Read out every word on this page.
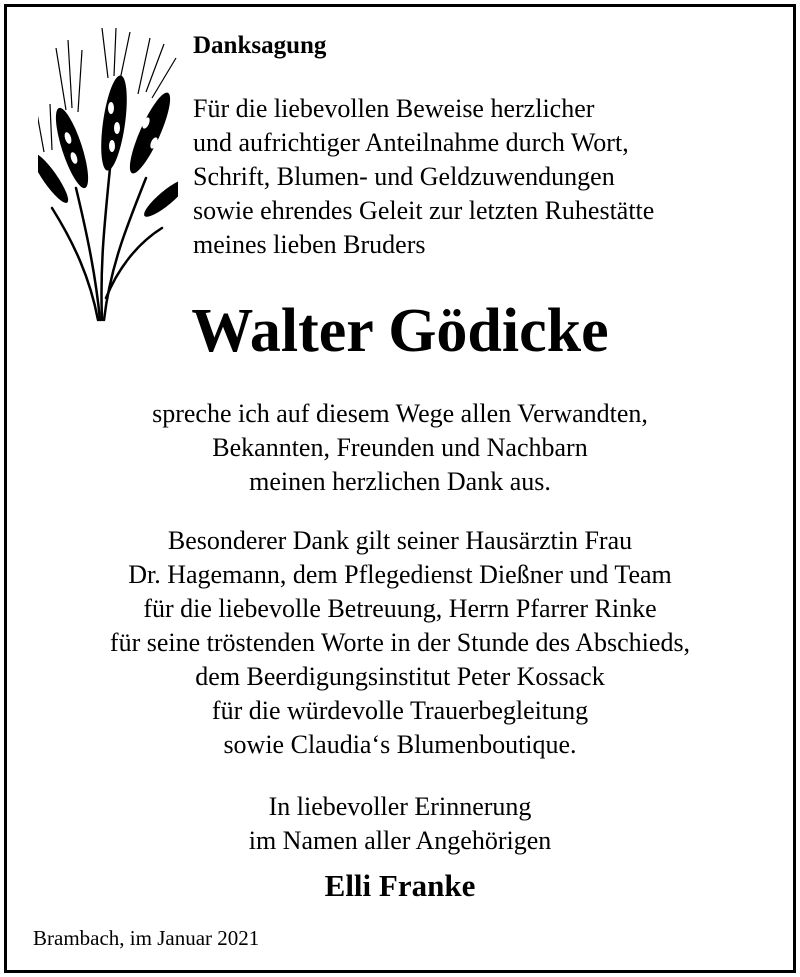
Danksagung
Für die liebevollen Beweise herzlicher
und aufrichtiger Anteilnahme durch Wort,
Schrift, Blumen- und Geldzuwendungen
sowie ehrendes Geleit zur letzten Ruhestätte
meines lieben Bruders
Walter Gödicke
spreche ich auf diesem Wege allen Verwandten,
Bekannten, Freunden und Nachbarn
meinen herzlichen Dank aus.
Besonderer Dank gilt seiner Hausärztin Frau
Dr. Hagemann, dem Pflegedienst Dießner und Team
für die liebevolle Betreuung, Herrn Pfarrer Rinke
für seine tröstenden Worte in der Stunde des Abschieds,
dem Beerdigungsinstitut Peter Kossack
für die würdevolle Trauerbegleitung
sowie Claudia‘s Blumenboutique.
In liebevoller Erinnerung
im Namen aller Angehörigen
Elli Franke
Brambach, im Januar 2021
